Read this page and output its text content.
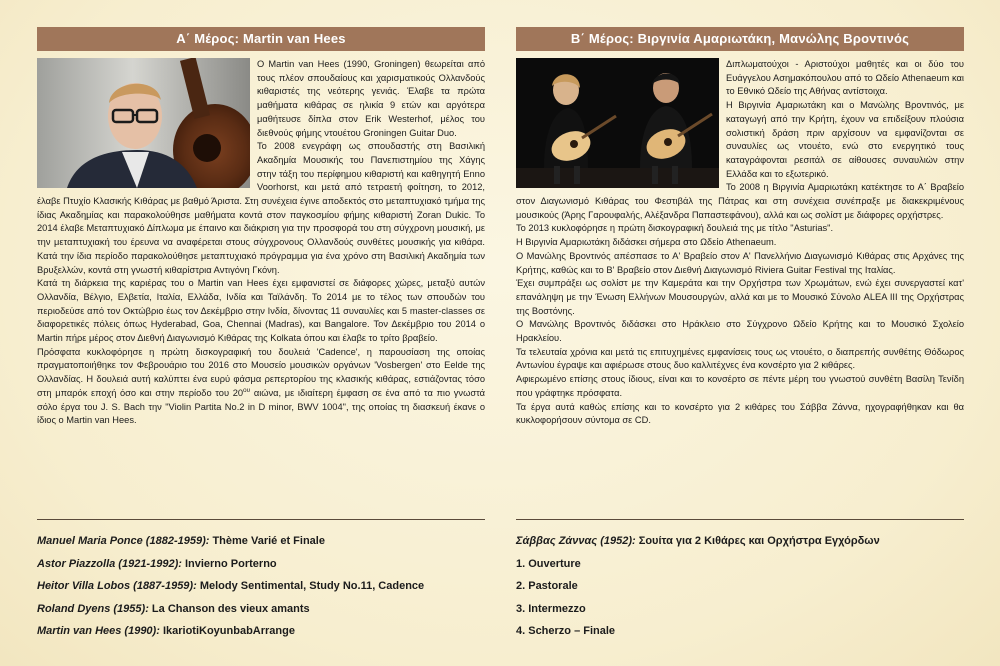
Α΄ Μέρος: Martin van Hees

Ο Martin van Hees (1990, Groningen) θεωρείται από τους πλέον σπουδαίους και χαρισματικούς Ολλανδούς κιθαριστές της νεότερης γενιάς. Έλαβε τα πρώτα μαθήματα κιθάρας σε ηλικία 9 ετών και αργότερα μαθήτευσε δίπλα στον Erik Westerhof, μέλος του διεθνούς φήμης ντουέτου Groningen Guitar Duo.

Το 2008 ενεγράφη ως σπουδαστής στη Βασιλική Ακαδημία Μουσικής του Πανεπιστημίου της Χάγης στην τάξη του περίφημου κιθαριστή και καθηγητή Enno Voorhorst, και μετά από τετραετή φοίτηση, το 2012, έλαβε Πτυχίο Κλασικής Κιθάρας με βαθμό Άριστα. Στη συνέχεια έγινε αποδεκτός στο μεταπτυχιακό τμήμα της ίδιας Ακαδημίας και παρακολούθησε μαθήματα κοντά στον παγκοσμίου φήμης κιθαριστή Zoran Dukic. Το 2014 έλαβε Μεταπτυχιακό Δίπλωμα με έπαινο και διάκριση για την προσφορά του στη σύγχρονη μουσική, με την μεταπτυχιακή του έρευνα να αναφέρεται στους σύγχρονους Ολλανδούς συνθέτες μουσικής για κιθάρα. Κατά την ίδια περίοδο παρακολούθησε μεταπτυχιακό πρόγραμμα για ένα χρόνο στη Βασιλική Ακαδημία των Βρυξελλών, κοντά στη γνωστή κιθαρίστρια Αντιγόνη Γκόνη.

Κατά τη διάρκεια της καριέρας του ο Martin van Hees έχει εμφανιστεί σε διάφορες χώρες, μεταξύ αυτών Ολλανδία, Βέλγιο, Ελβετία, Ιταλία, Ελλάδα, Ινδία και Ταϊλάνδη. Το 2014 με το τέλος των σπουδών του περιοδεύσε από τον Οκτώβριο έως τον Δεκέμβριο στην Ινδία, δίνοντας 11 συναυλίες και 5 master-classes σε διαφορετικές πόλεις όπως Hyderabad, Goa, Chennai (Madras), και Bangalore. Τον Δεκέμβριο του 2014 ο Martin πήρε μέρος στον Διεθνή Διαγωνισμό Κιθάρας της Kolkata όπου και έλαβε το τρίτο βραβείο.

Πρόσφατα κυκλοφόρησε η πρώτη δισκογραφική του δουλειά 'Cadence', η παρουσίαση της οποίας πραγματοποιήθηκε τον Φεβρουάριο του 2016 στο Μουσείο μουσικών οργάνων 'Vosbergen' στο Eelde της Ολλανδίας. Η δουλειά αυτή καλύπτει ένα ευρύ φάσμα ρεπερτορίου της κλασικής κιθάρας, εστιάζοντας τόσο στη μπαρόκ εποχή όσο και στην περίοδο του $20^{o\upsilon}$ αιώνα, με ιδιαίτερη έμφαση σε ένα από τα πιο γνωστά σόλο έργα του J. S. Bach την "Violin Partita No.2 in D minor, BWV 1004", της οποίας τη διασκευή έκανε ο ίδιος ο Martin van Hees.

Β΄ Μέρος: Βιργινία Αμαριωτάκη, Μανώλης Βροντινός

Διπλωματούχοι - Αριστούχοι μαθητές και οι δύο του Ευάγγελου Ασημακόπουλου από το Ωδείο Athenaeum και το Εθνικό Ωδείο της Αθήνας αντίστοιχα.

Η Βιργινία Αμαριωτάκη και ο Μανώλης Βροντινός, με καταγωγή από την Κρήτη, έχουν να επιδείξουν πλούσια σολιστική δράση πριν αρχίσουν να εμφανίζονται σε συναυλίες ως ντουέτο, ενώ στο ενεργητικό τους καταγράφονται ρεσιτάλ σε αίθουσες συναυλιών στην Ελλάδα και το εξωτερικό.

Το 2008 η Βιργινία Αμαριωτάκη κατέκτησε το Α΄ Βραβείο στον Διαγωνισμό Κιθάρας του Φεστιβάλ της Πάτρας και στη συνέχεια συνέπραξε με διακεκριμένους μουσικούς (Άρης Γαρουφαλής, Αλέξανδρα Παπαστεφάνου), αλλά και ως σολίστ με διάφορες ορχήστρες.

Το 2013 κυκλοφόρησε η πρώτη δισκογραφική δουλειά της με τίτλο "Asturias".

Η Βιργινία Αμαριωτάκη διδάσκει σήμερα στο Ωδείο Athenaeum.

Ο Μανώλης Βροντινός απέσπασε το Α' Βραβείο στον Α' Πανελλήνιο Διαγωνισμό Κιθάρας στις Αρχάνες της Κρήτης, καθώς και το Β' Βραβείο στον Διεθνή Διαγωνισμό Riviera Guitar Festival της Ιταλίας.

Έχει συμπράξει ως σολίστ με την Καμεράτα και την Ορχήστρα των Χρωμάτων, ενώ έχει συνεργαστεί κατ' επανάληψη με την Ένωση Ελλήνων Μουσουργών, αλλά και με το Μουσικό Σύνολο ALEA III της Ορχήστρας της Βοστόνης.

Ο Μανώλης Βροντινός διδάσκει στο Ηράκλειο στο Σύγχρονο Ωδείο Κρήτης και το Μουσικό Σχολείο Ηρακλείου.

Τα τελευταία χρόνια και μετά τις επιτυχημένες εμφανίσεις τους ως ντουέτο, ο διαπρεπής συνθέτης Θόδωρος Αντωνίου έγραψε και αφιέρωσε στους δυο καλλιτέχνες ένα κονσέρτο για 2 κιθάρες.

Αφιερωμένο επίσης στους ίδιους, είναι και το κονσέρτο σε πέντε μέρη του γνωστού συνθέτη Βασίλη Τενίδη που γράφτηκε πρόσφατα.

Τα έργα αυτά καθώς επίσης και το κονσέρτο για 2 κιθάρες του Σάββα Ζάννα, ηχογραφήθηκαν και θα κυκλοφορήσουν σύντομα σε CD.

Manuel Maria Ponce (1882-1959): Thème Varié et Finale
Astor Piazzolla (1921-1992): Invierno Porterno
Heitor Villa Lobos (1887-1959): Melody Sentimental, Study No.11, Cadence
Roland Dyens (1955): La Chanson des vieux amants
Martin van Hees (1990): IkariotiKoyunbabArrange
Σάββας Ζάννας (1952): Σουίτα για 2 Κιθάρες και Ορχήστρα Εγχόρδων
1. Ouverture
2. Pastorale
3. Intermezzo
4. Scherzo – Finale
